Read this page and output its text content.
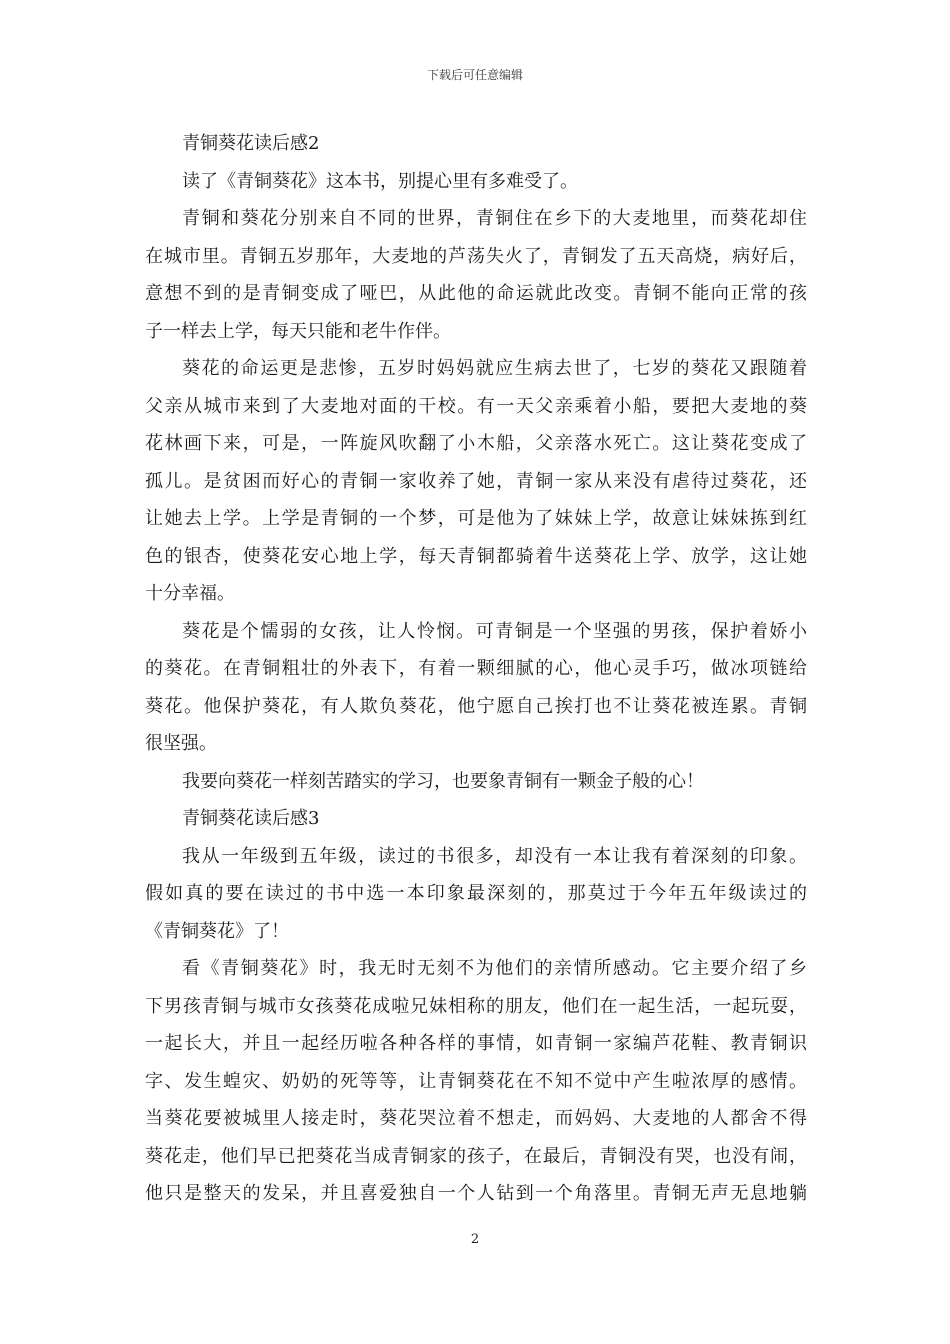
下载后可任意编辑
青铜葵花读后感2
读了《青铜葵花》这本书，别提心里有多难受了。
青铜和葵花分别来自不同的世界，青铜住在乡下的大麦地里，而葵花却住
在城市里。青铜五岁那年，大麦地的芦荡失火了，青铜发了五天高烧，病好后，
意想不到的是青铜变成了哑巴，从此他的命运就此改变。青铜不能向正常的孩
子一样去上学，每天只能和老牛作伴。
葵花的命运更是悲惨，五岁时妈妈就应生病去世了，七岁的葵花又跟随着
父亲从城市来到了大麦地对面的干校。有一天父亲乘着小船，要把大麦地的葵
花林画下来，可是，一阵旋风吹翻了小木船，父亲落水死亡。这让葵花变成了
孤儿。是贫困而好心的青铜一家收养了她，青铜一家从来没有虐待过葵花，还
让她去上学。上学是青铜的一个梦，可是他为了妹妹上学，故意让妹妹拣到红
色的银杏，使葵花安心地上学，每天青铜都骑着牛送葵花上学、放学，这让她
十分幸福。
葵花是个懦弱的女孩，让人怜悯。可青铜是一个坚强的男孩，保护着娇小
的葵花。在青铜粗壮的外表下，有着一颗细腻的心，他心灵手巧，做冰项链给
葵花。他保护葵花，有人欺负葵花，他宁愿自己挨打也不让葵花被连累。青铜
很坚强。
我要向葵花一样刻苦踏实的学习，也要象青铜有一颗金子般的心！
青铜葵花读后感3
我从一年级到五年级，读过的书很多，却没有一本让我有着深刻的印象。
假如真的要在读过的书中选一本印象最深刻的，那莫过于今年五年级读过的
《青铜葵花》了！
看《青铜葵花》时，我无时无刻不为他们的亲情所感动。它主要介绍了乡
下男孩青铜与城市女孩葵花成啦兄妹相称的朋友，他们在一起生活，一起玩耍，
一起长大，并且一起经历啦各种各样的事情，如青铜一家编芦花鞋、教青铜识
字、发生蝗灾、奶奶的死等等，让青铜葵花在不知不觉中产生啦浓厚的感情。
当葵花要被城里人接走时，葵花哭泣着不想走，而妈妈、大麦地的人都舍不得
葵花走，他们早已把葵花当成青铜家的孩子，在最后，青铜没有哭，也没有闹，
他只是整天的发呆，并且喜爱独自一个人钻到一个角落里。青铜无声无息地躺
2
